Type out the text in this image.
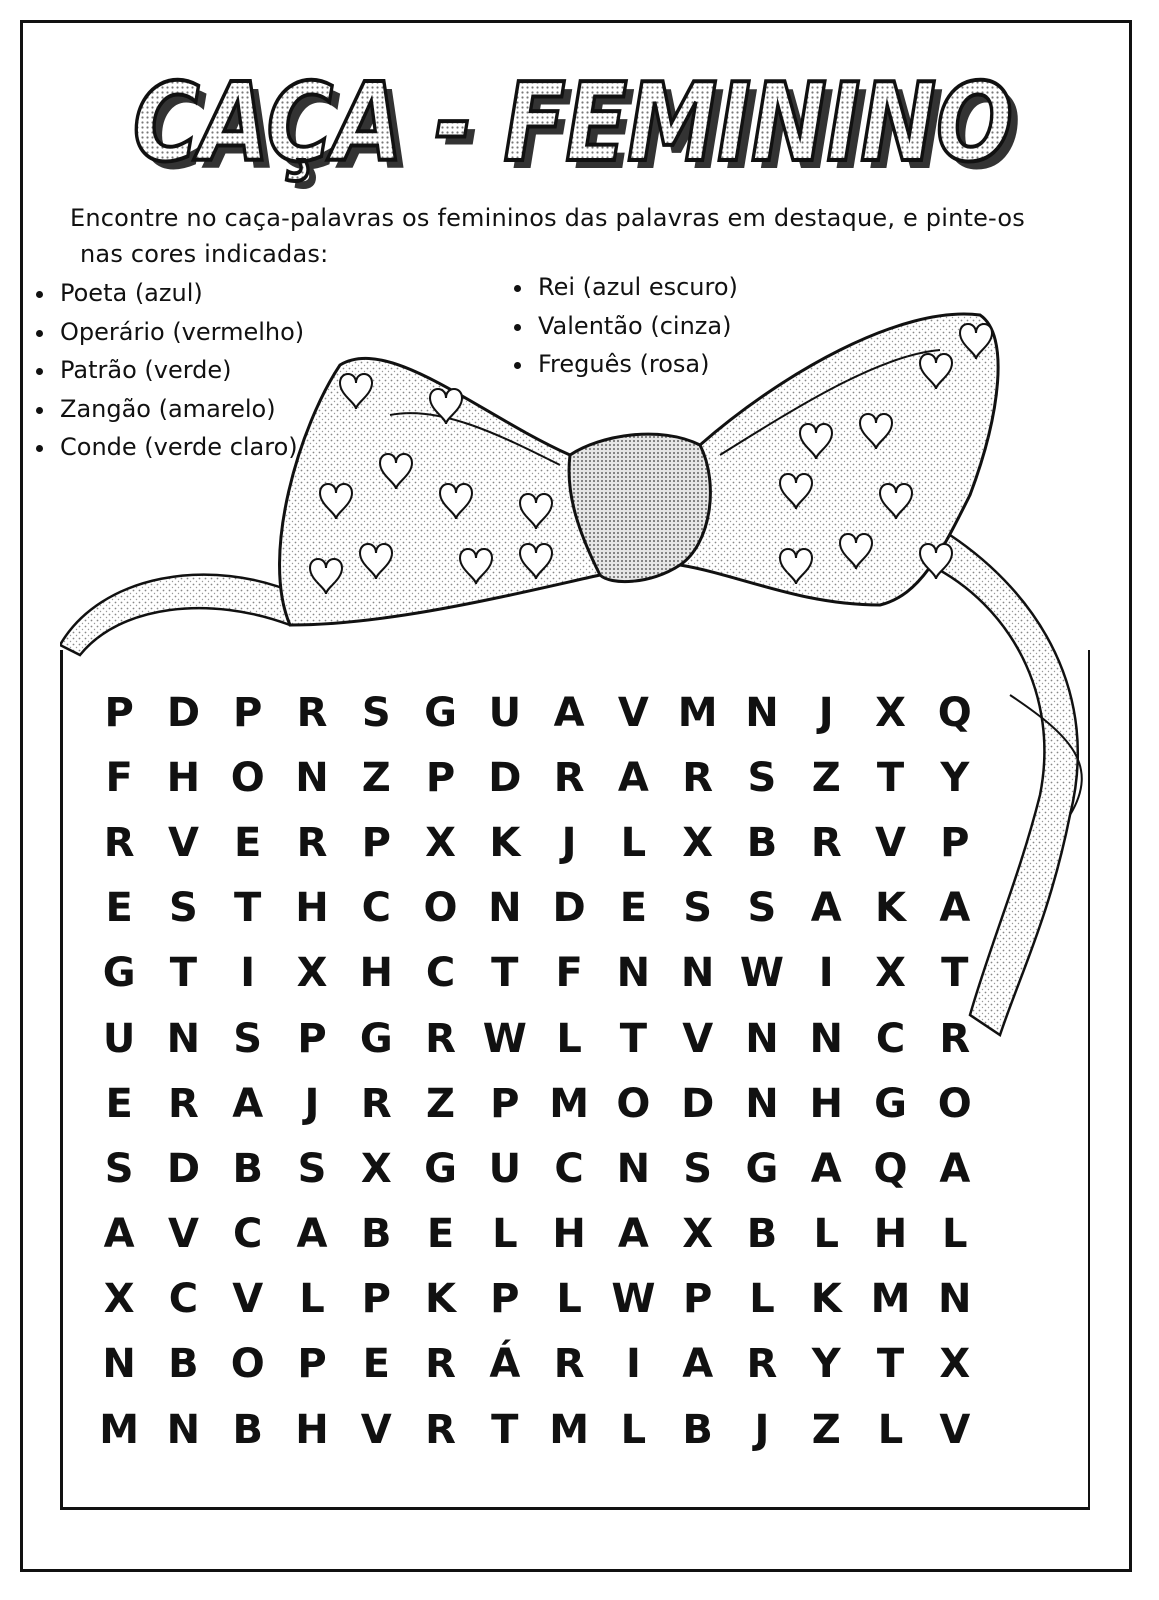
CAÇA - FEMININO
CAÇA - FEMININO
Encontre no caça-palavras os femininos das palavras em destaque, e pinte-os
nas cores indicadas:
Poeta (azul)
Operário (vermelho)
Patrão (verde)
Zangão (amarelo)
Conde (verde claro)
Rei (azul escuro)
Valentão (cinza)
Freguês (rosa)
P D P R S G U A V M N	J	X Q
F H O N Z P D R A R S Z T Y
R V E R P X K	J	L X B R V P
E S T H C O N D E S S A K A
G T	I	X H C T F N N W I	X T
U N S P G R W L T V N N C R
E R A	J	R Z P M O D N H G O
S D B S X G U C N S G A Q A
A V C A B E L H A X B L H L
X C V L P K P L W P L K M N
N B O P E R Á R	I	A R Y T X
M N B H V R T M L B	J	Z L V
